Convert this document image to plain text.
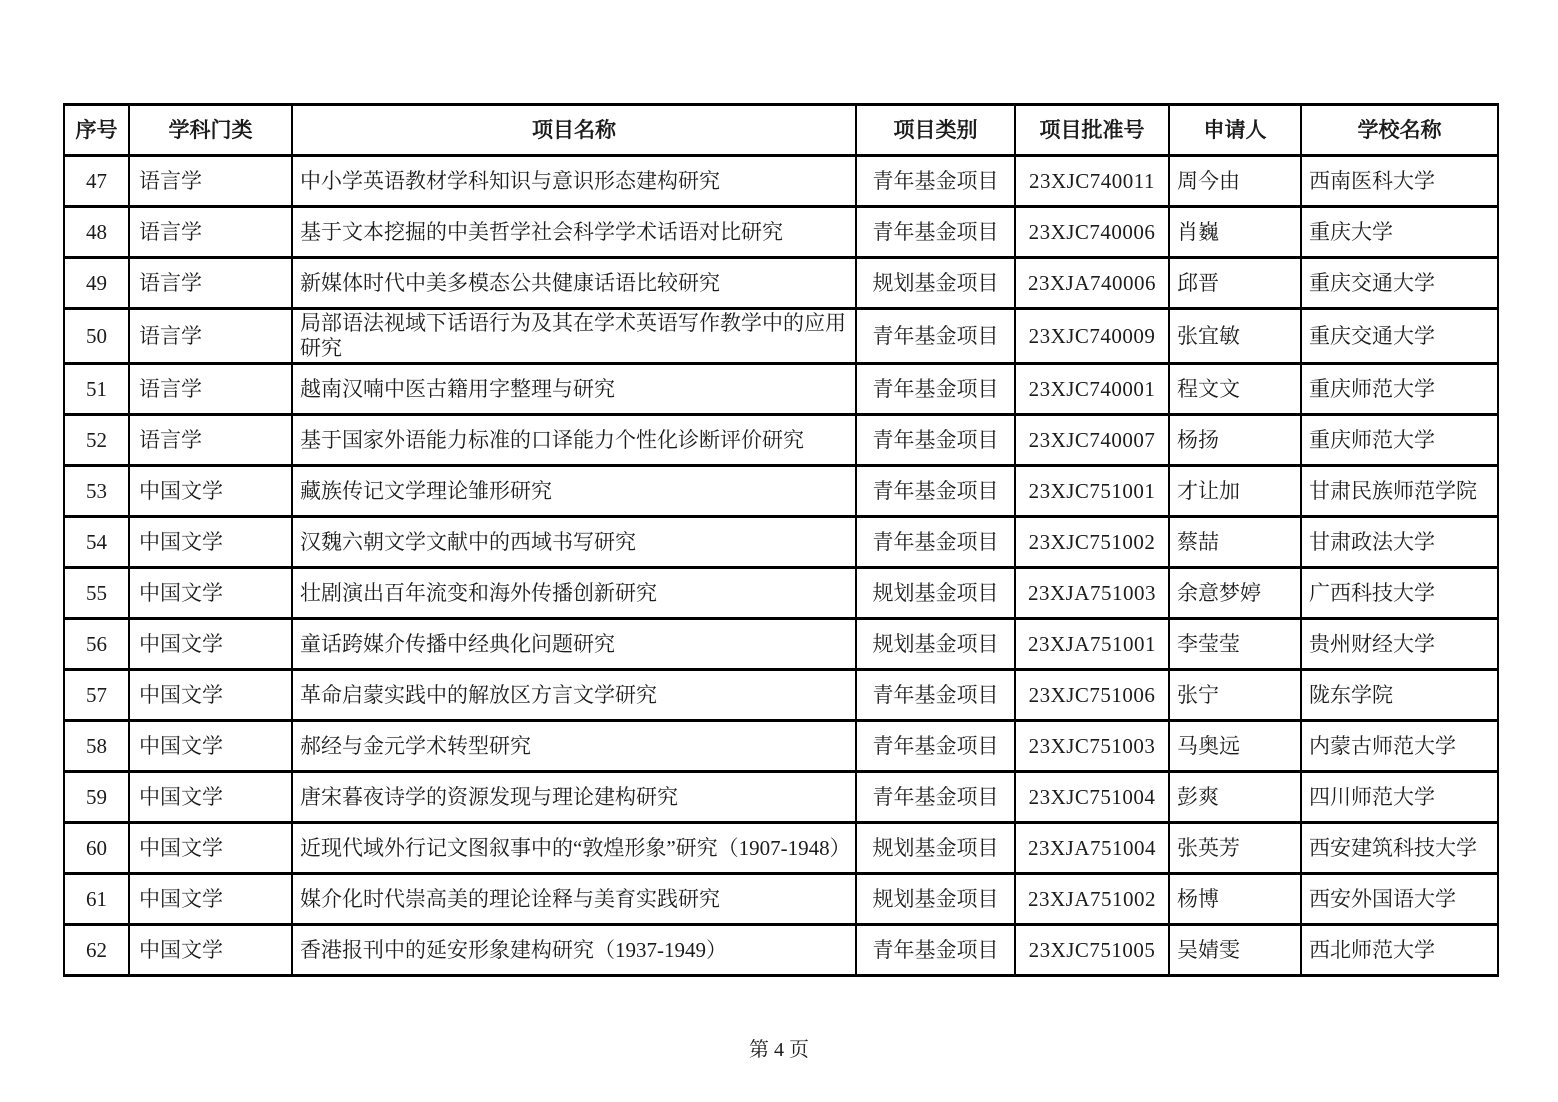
序号	学科门类	项目名称	项目类别	项目批准号	申请人	学校名称
47	语言学	中小学英语教材学科知识与意识形态建构研究	青年基金项目	23XJC740011	周今由	西南医科大学
48	语言学	基于文本挖掘的中美哲学社会科学学术话语对比研究	青年基金项目	23XJC740006	肖巍	重庆大学
49	语言学	新媒体时代中美多模态公共健康话语比较研究	规划基金项目	23XJA740006	邱晋	重庆交通大学
50	语言学	局部语法视域下话语行为及其在学术英语写作教学中的应用研究	青年基金项目	23XJC740009	张宜敏	重庆交通大学
51	语言学	越南汉喃中医古籍用字整理与研究	青年基金项目	23XJC740001	程文文	重庆师范大学
52	语言学	基于国家外语能力标准的口译能力个性化诊断评价研究	青年基金项目	23XJC740007	杨扬	重庆师范大学
53	中国文学	藏族传记文学理论雏形研究	青年基金项目	23XJC751001	才让加	甘肃民族师范学院
54	中国文学	汉魏六朝文学文献中的西域书写研究	青年基金项目	23XJC751002	蔡喆	甘肃政法大学
55	中国文学	壮剧演出百年流变和海外传播创新研究	规划基金项目	23XJA751003	余意梦婷	广西科技大学
56	中国文学	童话跨媒介传播中经典化问题研究	规划基金项目	23XJA751001	李莹莹	贵州财经大学
57	中国文学	革命启蒙实践中的解放区方言文学研究	青年基金项目	23XJC751006	张宁	陇东学院
58	中国文学	郝经与金元学术转型研究	青年基金项目	23XJC751003	马奥远	内蒙古师范大学
59	中国文学	唐宋暮夜诗学的资源发现与理论建构研究	青年基金项目	23XJC751004	彭爽	四川师范大学
60	中国文学	近现代域外行记文图叙事中的“敦煌形象”研究（1907-1948）	规划基金项目	23XJA751004	张英芳	西安建筑科技大学
61	中国文学	媒介化时代崇高美的理论诠释与美育实践研究	规划基金项目	23XJA751002	杨博	西安外国语大学
62	中国文学	香港报刊中的延安形象建构研究（1937-1949）	青年基金项目	23XJC751005	吴婧雯	西北师范大学
第 4 页
